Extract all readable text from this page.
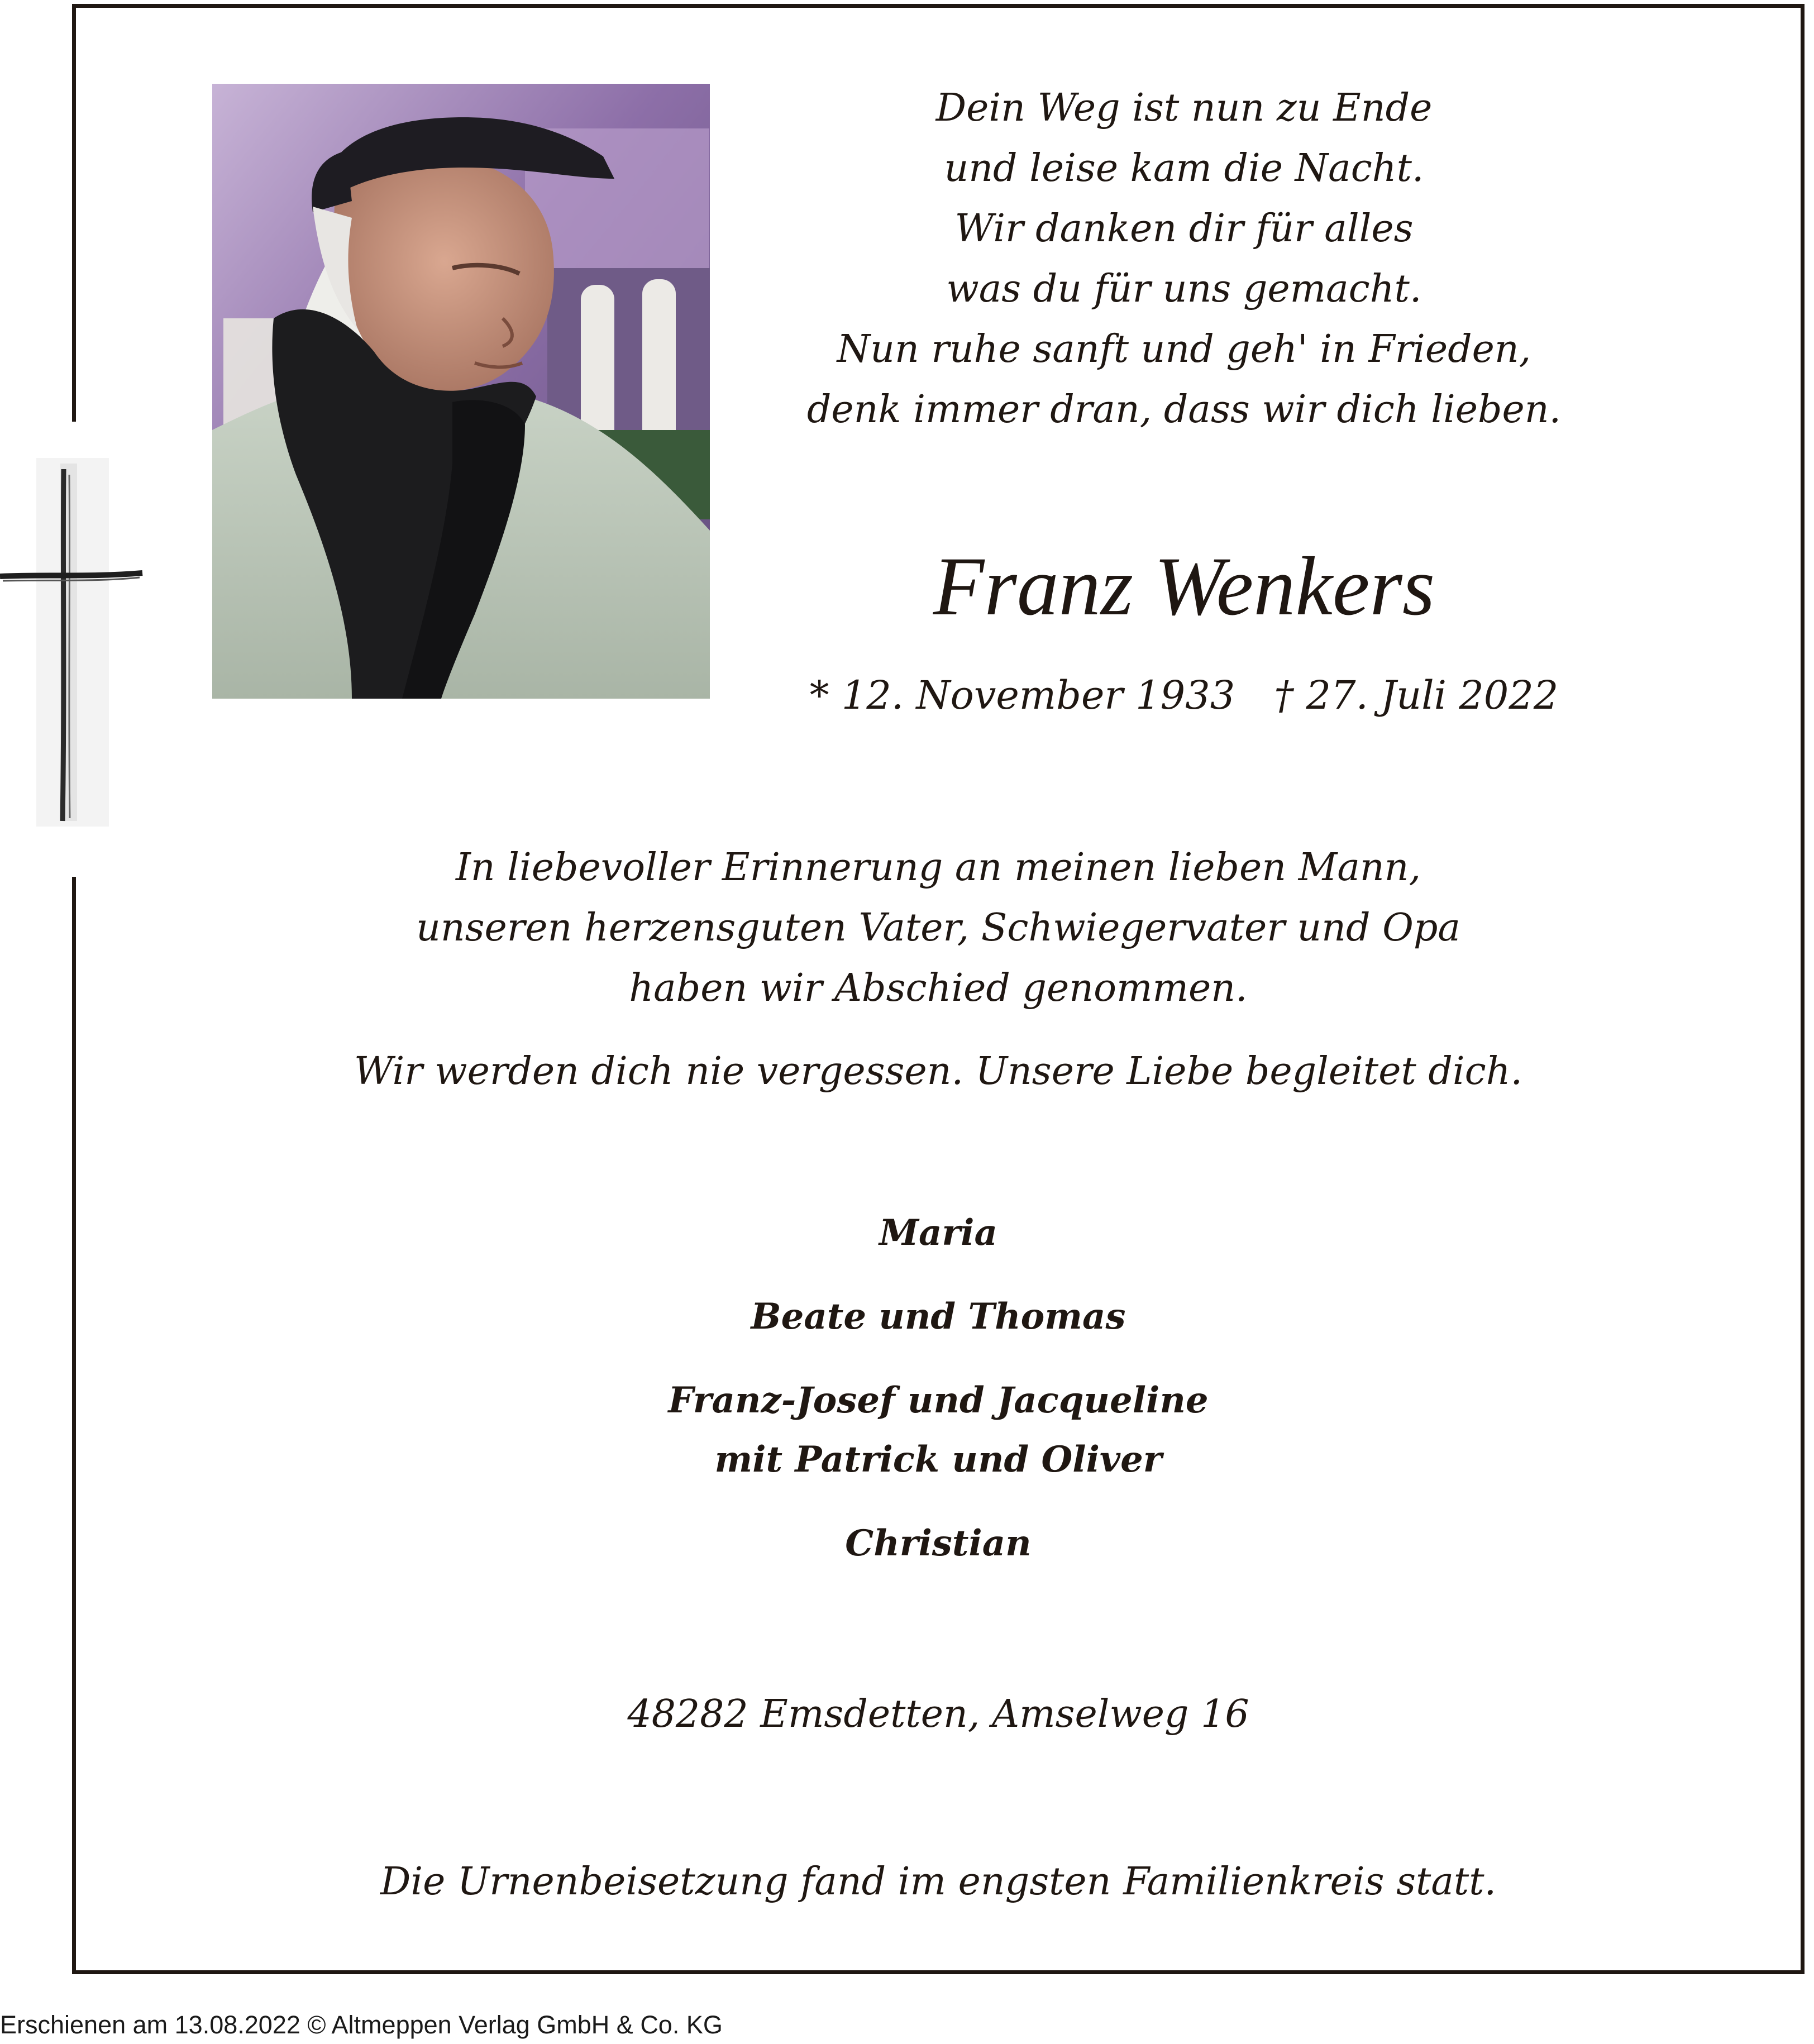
Dein Weg ist nun zu Ende
und leise kam die Nacht.
Wir danken dir für alles
was du für uns gemacht.
Nun ruhe sanft und geh' in Frieden,
denk immer dran, dass wir dich lieben.
Franz Wenkers
* 12. November 1933 † 27. Juli 2022
In liebevoller Erinnerung an meinen lieben Mann,
unseren herzensguten Vater, Schwiegervater und Opa
haben wir Abschied genommen.
Wir werden dich nie vergessen. Unsere Liebe begleitet dich.
Maria
Beate und Thomas
Franz-Josef und Jacqueline
mit Patrick und Oliver
Christian
48282 Emsdetten, Amselweg 16
Die Urnenbeisetzung fand im engsten Familienkreis statt.
Erschienen am 13.08.2022 © Altmeppen Verlag GmbH & Co. KG
